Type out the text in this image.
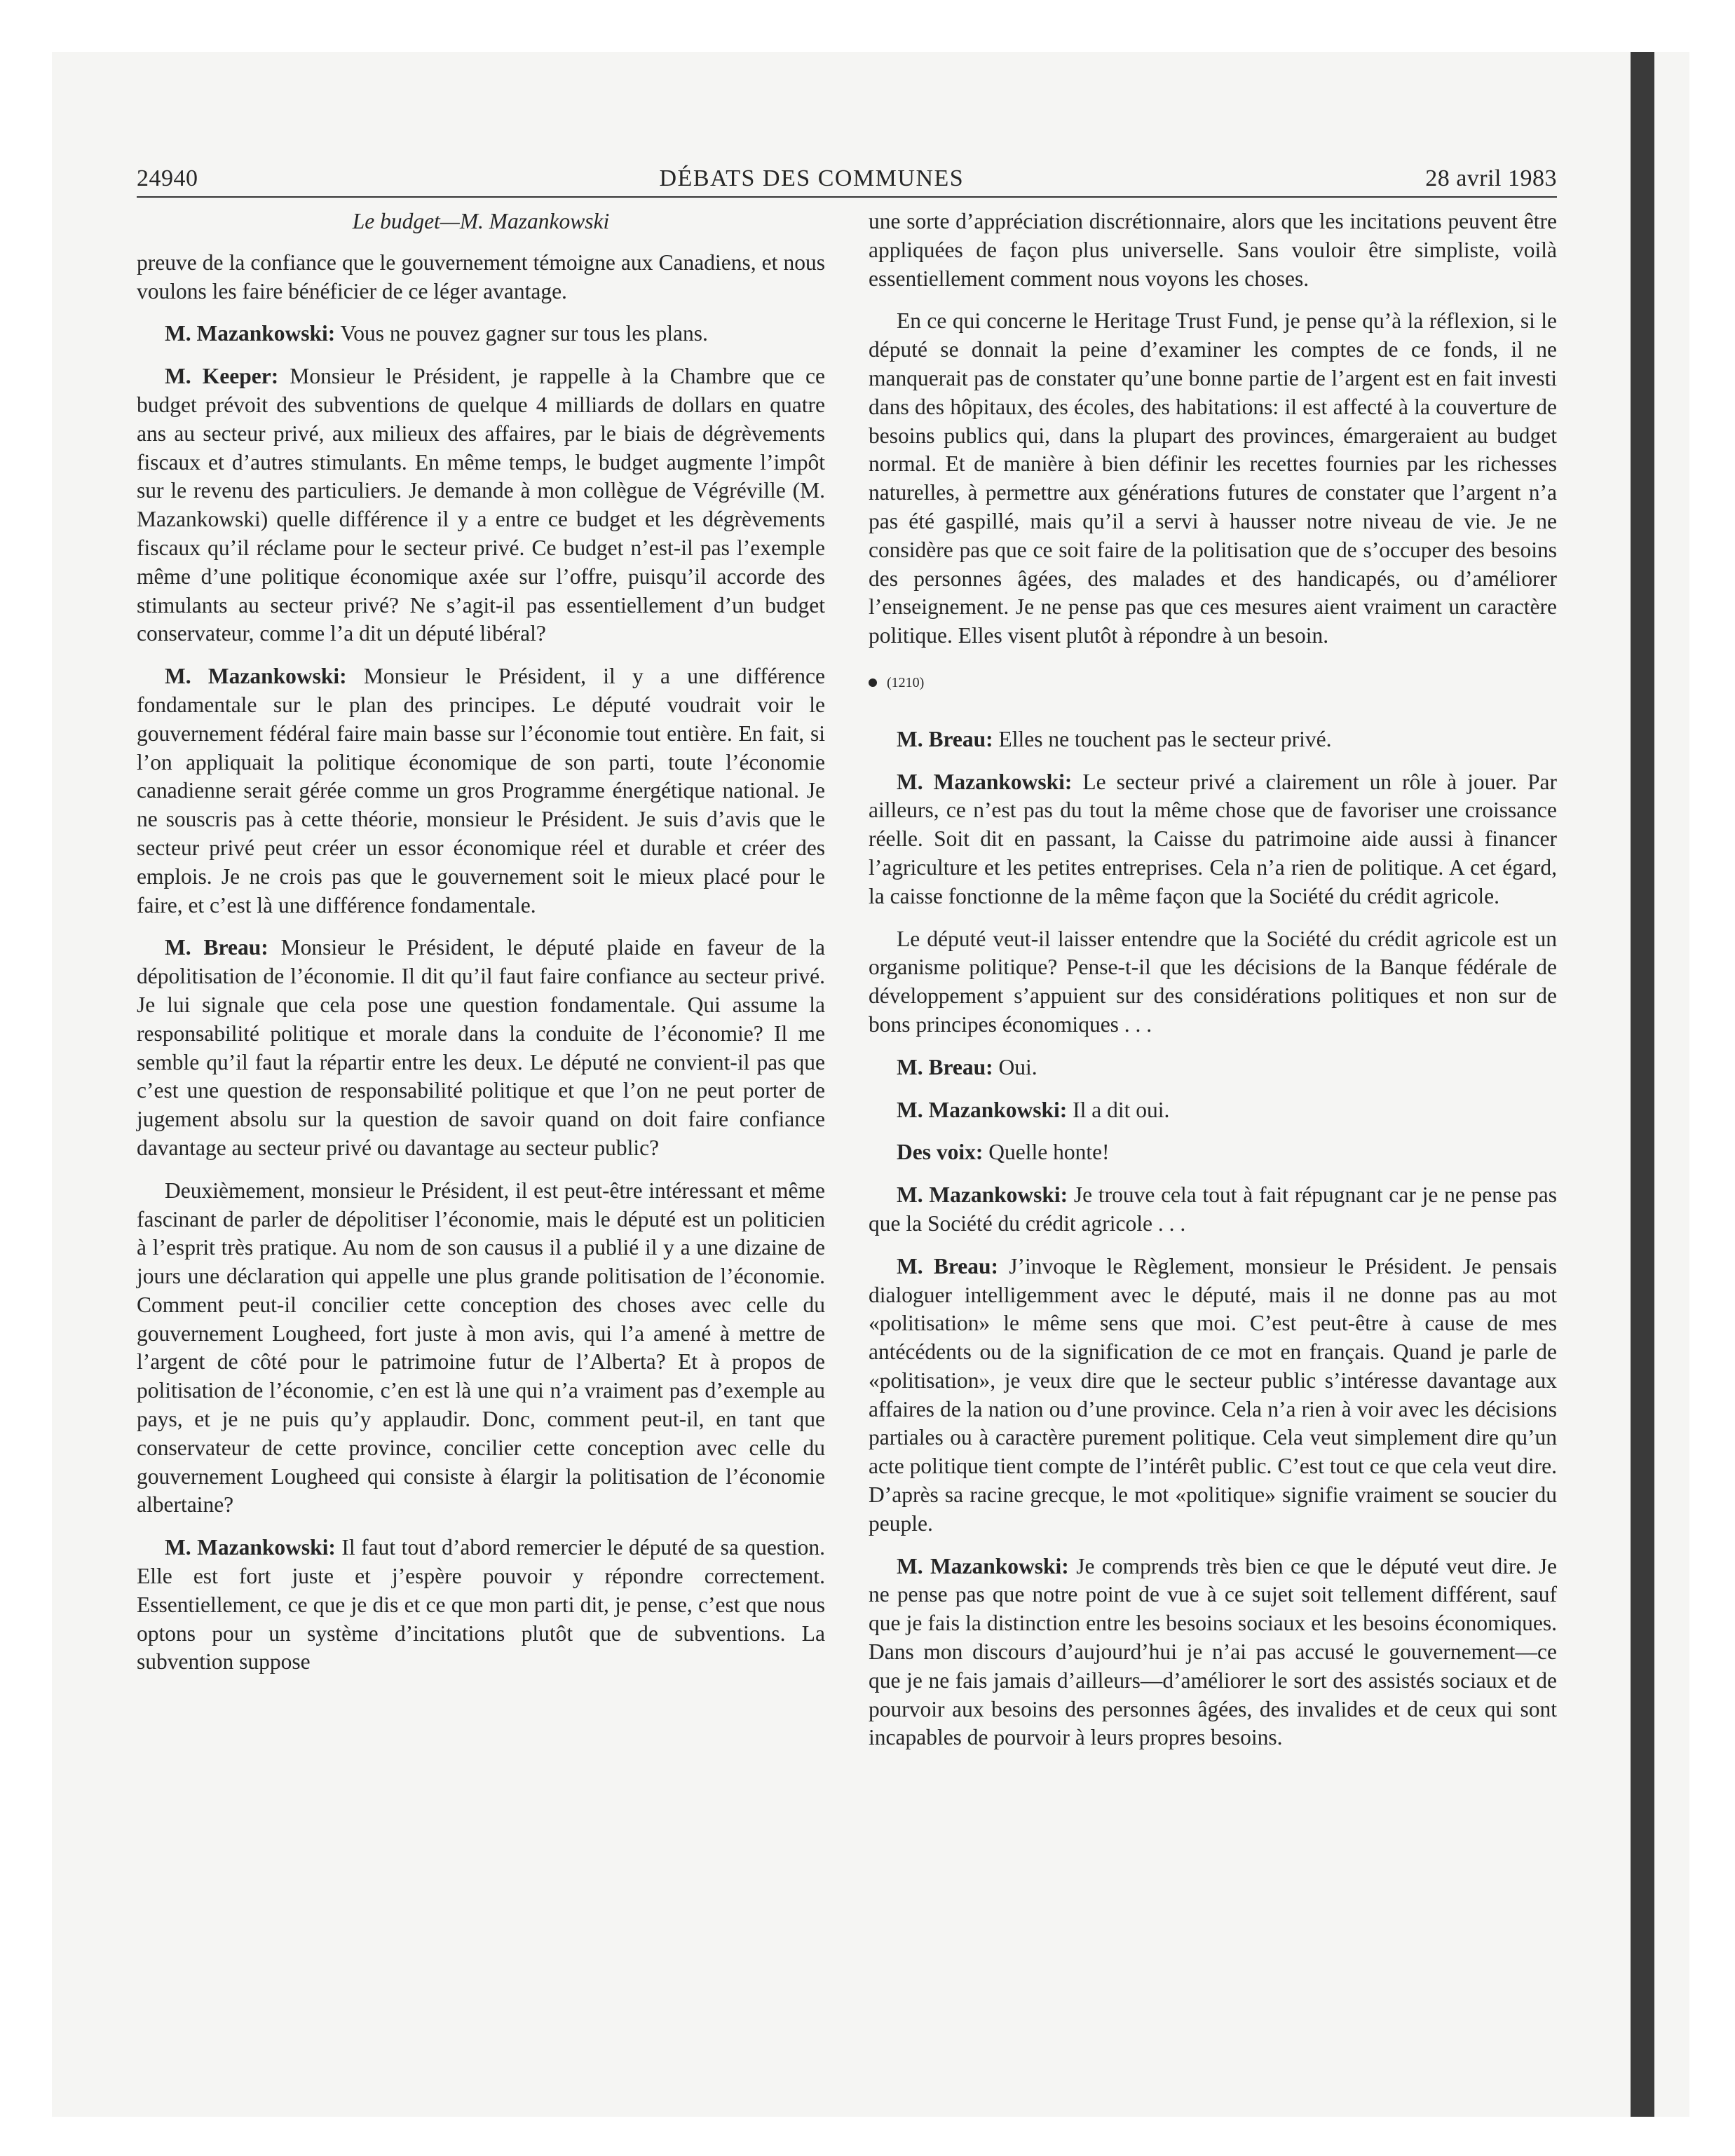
24940	DÉBATS DES COMMUNES	28 avril 1983
Le budget—M. Mazankowski

preuve de la confiance que le gouvernement témoigne aux Canadiens, et nous voulons les faire bénéficier de ce léger avantage.

M. Mazankowski: Vous ne pouvez gagner sur tous les plans.

M. Keeper: Monsieur le Président, je rappelle à la Chambre que ce budget prévoit des subventions de quelque 4 milliards de dollars en quatre ans au secteur privé, aux milieux des affaires, par le biais de dégrèvements fiscaux et d’autres stimulants. En même temps, le budget augmente l’impôt sur le revenu des particuliers. Je demande à mon collègue de Végréville (M. Mazankowski) quelle différence il y a entre ce budget et les dégrèvements fiscaux qu’il réclame pour le secteur privé. Ce budget n’est-il pas l’exemple même d’une politique économique axée sur l’offre, puisqu’il accorde des stimulants au secteur privé? Ne s’agit-il pas essentiellement d’un budget conservateur, comme l’a dit un député libéral?

M. Mazankowski: Monsieur le Président, il y a une différence fondamentale sur le plan des principes. Le député voudrait voir le gouvernement fédéral faire main basse sur l’économie tout entière. En fait, si l’on appliquait la politique économique de son parti, toute l’économie canadienne serait gérée comme un gros Programme énergétique national. Je ne souscris pas à cette théorie, monsieur le Président. Je suis d’avis que le secteur privé peut créer un essor économique réel et durable et créer des emplois. Je ne crois pas que le gouvernement soit le mieux placé pour le faire, et c’est là une différence fondamentale.

M. Breau: Monsieur le Président, le député plaide en faveur de la dépolitisation de l’économie. Il dit qu’il faut faire confiance au secteur privé. Je lui signale que cela pose une question fondamentale. Qui assume la responsabilité politique et morale dans la conduite de l’économie? Il me semble qu’il faut la répartir entre les deux. Le député ne convient-il pas que c’est une question de responsabilité politique et que l’on ne peut porter de jugement absolu sur la question de savoir quand on doit faire confiance davantage au secteur privé ou davantage au secteur public?

Deuxièmement, monsieur le Président, il est peut-être intéressant et même fascinant de parler de dépolitiser l’économie, mais le député est un politicien à l’esprit très pratique. Au nom de son causus il a publié il y a une dizaine de jours une déclaration qui appelle une plus grande politisation de l’économie. Comment peut-il concilier cette conception des choses avec celle du gouvernement Lougheed, fort juste à mon avis, qui l’a amené à mettre de l’argent de côté pour le patrimoine futur de l’Alberta? Et à propos de politisation de l’économie, c’en est là une qui n’a vraiment pas d’exemple au pays, et je ne puis qu’y applaudir. Donc, comment peut-il, en tant que conservateur de cette province, concilier cette conception avec celle du gouvernement Lougheed qui consiste à élargir la politisation de l’économie albertaine?

M. Mazankowski: Il faut tout d’abord remercier le député de sa question. Elle est fort juste et j’espère pouvoir y répondre correctement. Essentiellement, ce que je dis et ce que mon parti dit, je pense, c’est que nous optons pour un système d’incitations plutôt que de subventions. La subvention suppose

une sorte d’appréciation discrétionnaire, alors que les incitations peuvent être appliquées de façon plus universelle. Sans vouloir être simpliste, voilà essentiellement comment nous voyons les choses.

En ce qui concerne le Heritage Trust Fund, je pense qu’à la réflexion, si le député se donnait la peine d’examiner les comptes de ce fonds, il ne manquerait pas de constater qu’une bonne partie de l’argent est en fait investi dans des hôpitaux, des écoles, des habitations: il est affecté à la couverture de besoins publics qui, dans la plupart des provinces, émargeraient au budget normal. Et de manière à bien définir les recettes fournies par les richesses naturelles, à permettre aux générations futures de constater que l’argent n’a pas été gaspillé, mais qu’il a servi à hausser notre niveau de vie. Je ne considère pas que ce soit faire de la politisation que de s’occuper des besoins des personnes âgées, des malades et des handicapés, ou d’améliorer l’enseignement. Je ne pense pas que ces mesures aient vraiment un caractère politique. Elles visent plutôt à répondre à un besoin.

(1210)

M. Breau: Elles ne touchent pas le secteur privé.

M. Mazankowski: Le secteur privé a clairement un rôle à jouer. Par ailleurs, ce n’est pas du tout la même chose que de favoriser une croissance réelle. Soit dit en passant, la Caisse du patrimoine aide aussi à financer l’agriculture et les petites entreprises. Cela n’a rien de politique. A cet égard, la caisse fonctionne de la même façon que la Société du crédit agricole.

Le député veut-il laisser entendre que la Société du crédit agricole est un organisme politique? Pense-t-il que les décisions de la Banque fédérale de développement s’appuient sur des considérations politiques et non sur de bons principes économiques . . .

M. Breau: Oui.

M. Mazankowski: Il a dit oui.

Des voix: Quelle honte!

M. Mazankowski: Je trouve cela tout à fait répugnant car je ne pense pas que la Société du crédit agricole . . .

M. Breau: J’invoque le Règlement, monsieur le Président. Je pensais dialoguer intelligemment avec le député, mais il ne donne pas au mot «politisation» le même sens que moi. C’est peut-être à cause de mes antécédents ou de la signification de ce mot en français. Quand je parle de «politisation», je veux dire que le secteur public s’intéresse davantage aux affaires de la nation ou d’une province. Cela n’a rien à voir avec les décisions partiales ou à caractère purement politique. Cela veut simplement dire qu’un acte politique tient compte de l’intérêt public. C’est tout ce que cela veut dire. D’après sa racine grecque, le mot «politique» signifie vraiment se soucier du peuple.

M. Mazankowski: Je comprends très bien ce que le député veut dire. Je ne pense pas que notre point de vue à ce sujet soit tellement différent, sauf que je fais la distinction entre les besoins sociaux et les besoins économiques. Dans mon discours d’aujourd’hui je n’ai pas accusé le gouvernement—ce que je ne fais jamais d’ailleurs—d’améliorer le sort des assistés sociaux et de pourvoir aux besoins des personnes âgées, des invalides et de ceux qui sont incapables de pourvoir à leurs propres besoins.
